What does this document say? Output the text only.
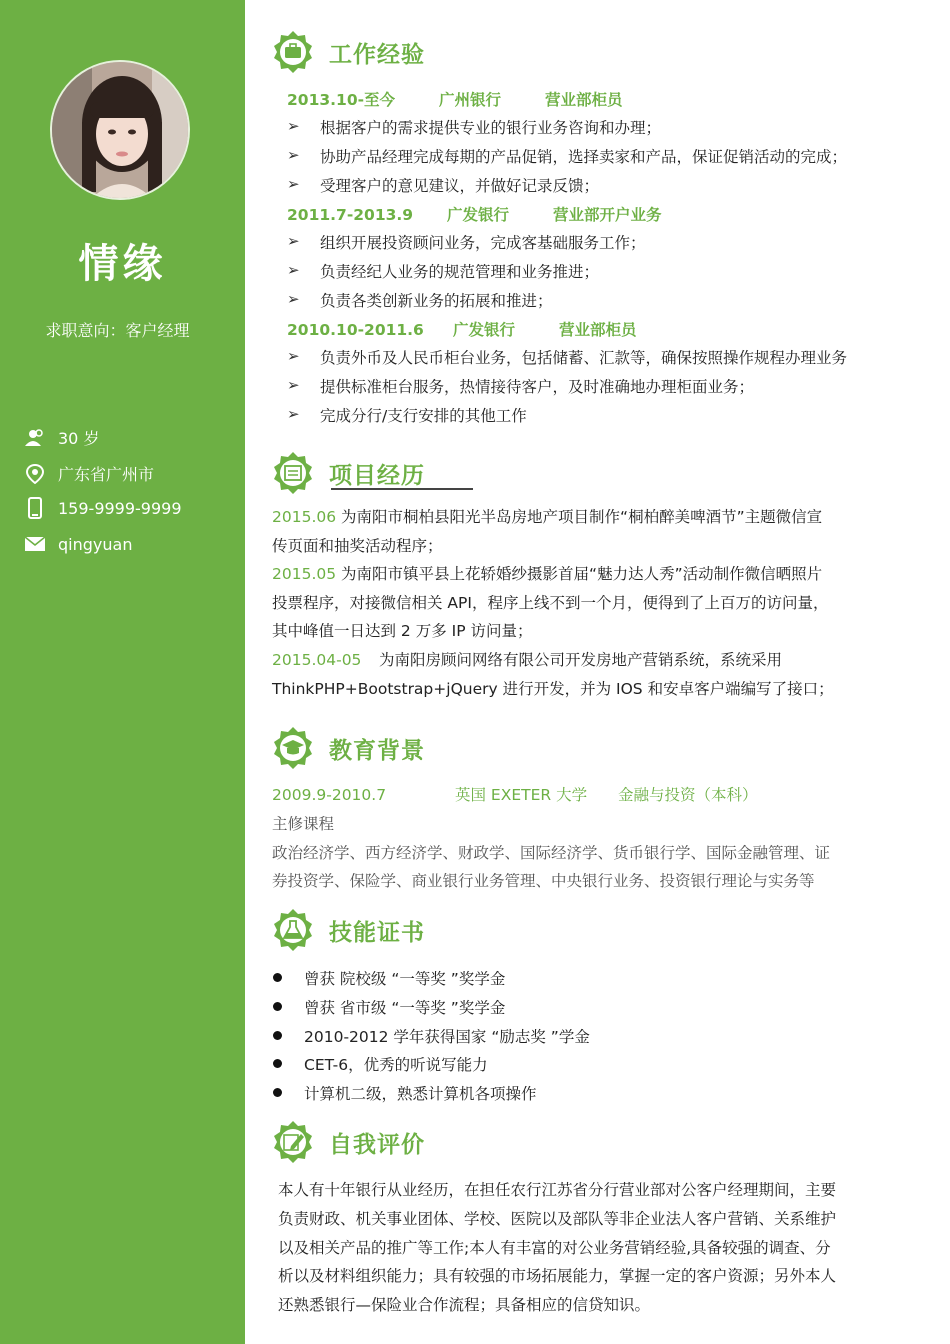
情缘
求职意向：客户经理
30 岁
广东省广州市
159-9999-9999
qingyuan
工作经验
2013.10-至今	广州银行	营业部柜员
➢ 根据客户的需求提供专业的银行业务咨询和办理；
➢ 协助产品经理完成每期的产品促销，选择卖家和产品，保证促销活动的完成；
➢ 受理客户的意见建议，并做好记录反馈；
2011.7-2013.9 广发银行	营业部开户业务
➢ 组织开展投资顾问业务，完成客基础服务工作；
➢ 负责经纪人业务的规范管理和业务推进；
➢ 负责各类创新业务的拓展和推进；
2010.10-2011.6 广发银行	营业部柜员
➢ 负责外币及人民币柜台业务，包括储蓄、汇款等，确保按照操作规程办理业务
➢ 提供标准柜台服务，热情接待客户，及时准确地办理柜面业务；
➢ 完成分行/支行安排的其他工作
项目经历
2015.06 为南阳市桐柏县阳光半岛房地产项目制作“桐柏醉美啤酒节”主题微信宣
传页面和抽奖活动程序；
2015.05 为南阳市镇平县上花轿婚纱摄影首届“魅力达人秀”活动制作微信晒照片
投票程序，对接微信相关 API，程序上线不到一个月，便得到了上百万的访问量，
其中峰值一日达到 2 万多 IP 访问量；
2015.04-05 为南阳房顾问网络有限公司开发房地产营销系统，系统采用
ThinkPHP+Bootstrap+jQuery 进行开发，并为 IOS 和安卓客户端编写了接口；
教育背景
2009.9-2010.7	英国 EXETER 大学 金融与投资（本科）
主修课程
政治经济学、西方经济学、财政学、国际经济学、货币银行学、国际金融管理、证
券投资学、保险学、商业银行业务管理、中央银行业务、投资银行理论与实务等
技能证书
曾获 院校级 “一等奖 ”奖学金
曾获 省市级 “一等奖 ”奖学金
2010-2012 学年获得国家 “励志奖 ”学金
CET-6，优秀的听说写能力
计算机二级，熟悉计算机各项操作
自我评价
本人有十年银行从业经历，在担任农行江苏省分行营业部对公客户经理期间，主要
负责财政、机关事业团体、学校、医院以及部队等非企业法人客户营销、关系维护
以及相关产品的推广等工作;本人有丰富的对公业务营销经验,具备较强的调查、分
析以及材料组织能力；具有较强的市场拓展能力，掌握一定的客户资源；另外本人
还熟悉银行—保险业合作流程；具备相应的信贷知识。
